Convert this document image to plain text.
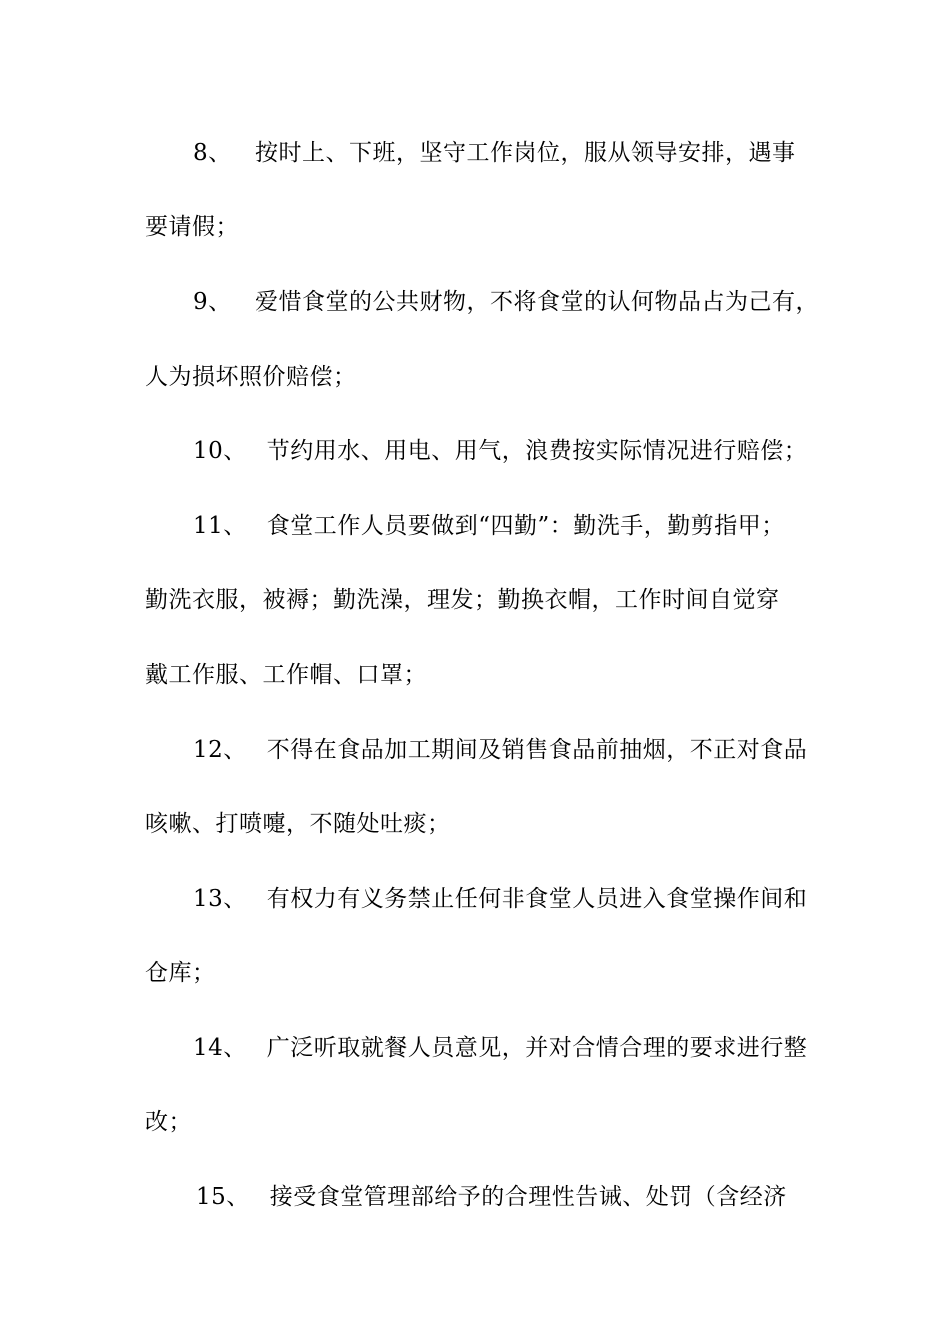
8、 按时上、下班，坚守工作岗位，服从领导安排，遇事
要请假；
9、 爱惜食堂的公共财物，不将食堂的认何物品占为己有，
人为损坏照价赔偿；
10、 节约用水、用电、用气，浪费按实际情况进行赔偿；
11、 食堂工作人员要做到“四勤”：勤洗手，勤剪指甲；
勤洗衣服，被褥；勤洗澡，理发；勤换衣帽，工作时间自觉穿
戴工作服、工作帽、口罩；
12、 不得在食品加工期间及销售食品前抽烟，不正对食品
咳嗽、打喷嚏，不随处吐痰；
13、 有权力有义务禁止任何非食堂人员进入食堂操作间和
仓库；
14、 广泛听取就餐人员意见，并对合情合理的要求进行整
改；
15、 接受食堂管理部给予的合理性告诫、处罚（含经济
